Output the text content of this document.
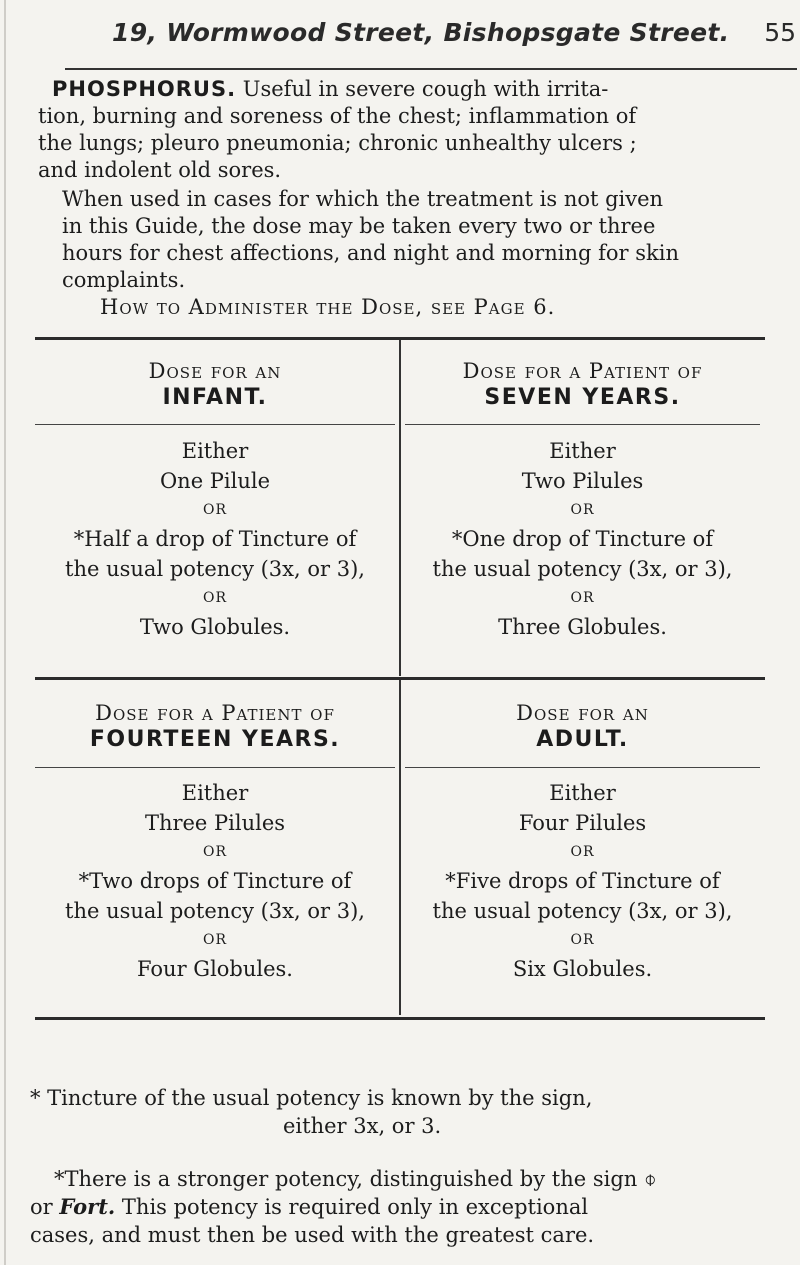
19, Wormwood Street, Bishopsgate Street. 55
PHOSPHORUS. Useful in severe cough with irrita-
tion, burning and soreness of the chest; inflammation of
the lungs; pleuro pneumonia; chronic unhealthy ulcers ;
and indolent old sores.
When used in cases for which the treatment is not given
in this Guide, the dose may be taken every two or three
hours for chest affections, and night and morning for skin
complaints.
How to Administer the Dose, see Page 6.
Dose for an
INFANT.
Either
One Pilule
OR
*Half a drop of Tincture of
the usual potency (3x, or 3),
OR
Two Globules.
Dose for a Patient of
SEVEN YEARS.
Either
Two Pilules
OR
*One drop of Tincture of
the usual potency (3x, or 3),
OR
Three Globules.
Dose for a Patient of
FOURTEEN YEARS.
Either
Three Pilules
OR
*Two drops of Tincture of
the usual potency (3x, or 3),
OR
Four Globules.
Dose for an
ADULT.
Either
Four Pilules
OR
*Five drops of Tincture of
the usual potency (3x, or 3),
OR
Six Globules.
* Tincture of the usual potency is known by the sign,
either 3x, or 3.
*There is a stronger potency, distinguished by the sign ⌽
or Fort. This potency is required only in exceptional
cases, and must then be used with the greatest care.
